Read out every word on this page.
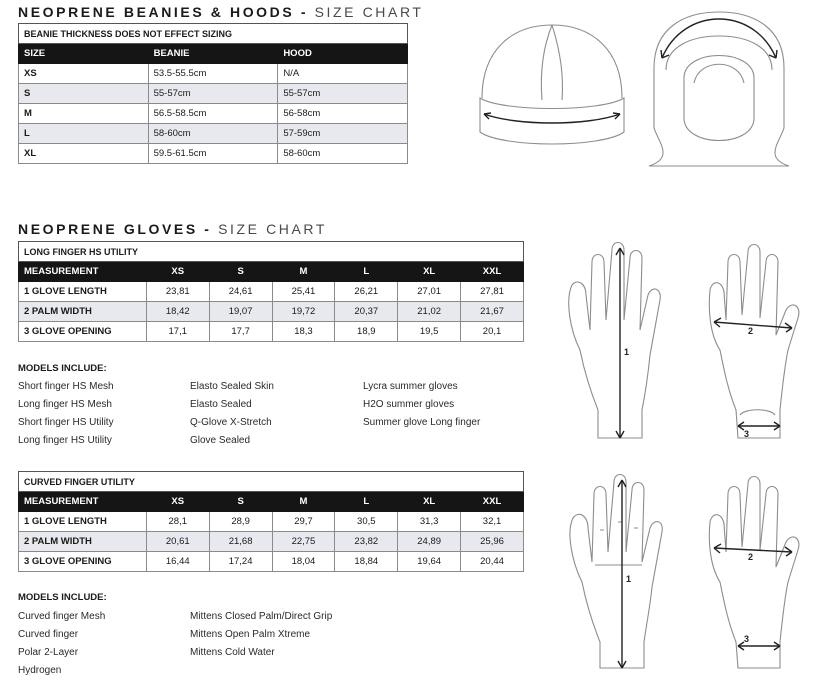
NEOPRENE BEANIES & HOODS - SIZE CHART
BEANIE THICKNESS DOES NOT EFFECT SIZING		
SIZE	BEANIE	HOOD
XS	53.5-55.5cm	N/A
S	55-57cm	55-57cm
M	56.5-58.5cm	56-58cm
L	58-60cm	57-59cm
XL	59.5-61.5cm	58-60cm
NEOPRENE GLOVES - SIZE CHART
LONG FINGER HS UTILITY						
MEASUREMENT	XS	S	M	L	XL	XXL
1 GLOVE LENGTH	23,81	24,61	25,41	26,21	27,01	27,81
2 PALM WIDTH	18,42	19,07	19,72	20,37	21,02	21,67
3 GLOVE OPENING	17,1	17,7	18,3	18,9	19,5	20,1
MODELS INCLUDE:
Short finger HS Mesh
Long finger HS Mesh
Short finger HS Utility
Long finger HS Utility
Elasto Sealed Skin
Elasto Sealed
Q-Glove X-Stretch
Glove Sealed
Lycra summer gloves
H2O summer gloves
Summer glove Long finger
CURVED FINGER UTILITY						
MEASUREMENT	XS	S	M	L	XL	XXL
1 GLOVE LENGTH	28,1	28,9	29,7	30,5	31,3	32,1
2 PALM WIDTH	20,61	21,68	22,75	23,82	24,89	25,96
3 GLOVE OPENING	16,44	17,24	18,04	18,84	19,64	20,44
MODELS INCLUDE:
Curved finger Mesh
Curved finger
Polar 2-Layer
Hydrogen
Mittens Closed Palm/Direct Grip
Mittens Open Palm Xtreme
Mittens Cold Water
1
2
3
1
2
3
